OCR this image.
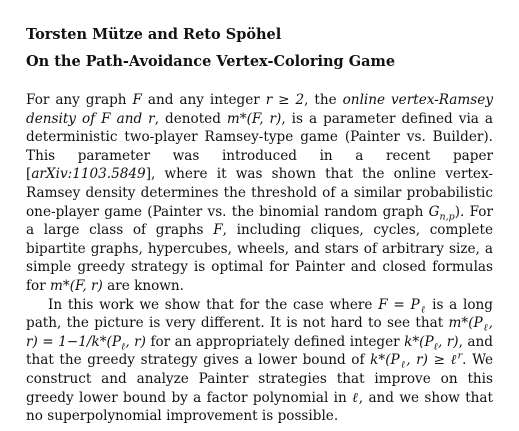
Torsten Mütze and Reto Spöhel
On the Path-Avoidance Vertex-Coloring Game

For any graph F and any integer r ≥ 2, the online vertex-Ramsey density of F and r, denoted m*(F, r), is a parameter defined via a deterministic two-player Ramsey-type game (Painter vs. Builder). This parameter was introduced in a recent paper [arXiv:1103.5849], where it was shown that the online vertex-Ramsey density determines the threshold of a similar probabilistic one-player game (Painter vs. the binomial random graph $G_{n,p}$). For a large class of graphs F, including cliques, cycles, complete bipartite graphs, hypercubes, wheels, and stars of arbitrary size, a simple greedy strategy is optimal for Painter and closed formulas for m*(F, r) are known.

In this work we show that for the case where $F = P_\ell$ is a long path, the picture is very different. It is not hard to see that $m*(P_\ell$, $r) = 1-1/k*(P_\ell$, r) for an appropriately defined integer $k*(P_\ell$, r), and that the greedy strategy gives a lower bound of $k*(P_\ell$, r) ≥ ℓ$^r$. We construct and analyze Painter strategies that improve on this greedy lower bound by a factor polynomial in ℓ, and we show that no superpolynomial improvement is possible.
